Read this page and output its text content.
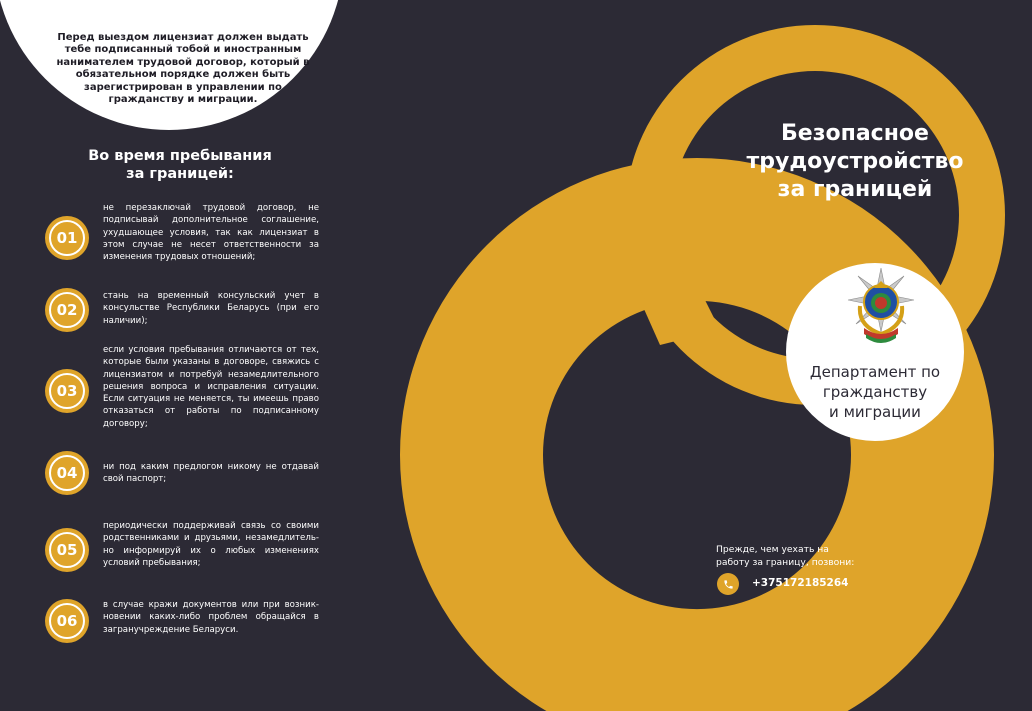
Перед выездом лицензиат должен выдать тебе подписанный тобой и иностранным нанимателем трудовой договор, который в обязательном порядке должен быть зарегистрирован в управлении по гражданству и миграции.
Во время пребывания
за границей:
01
не перезаключай трудовой договор, не подписывай дополнительное соглашение, ухудшающее условия, так как лицензиат в этом случае не несет ответственности за изменения трудовых отношений;
02
стань на временный консульский учет в консульстве Республики Беларусь (при его наличии);
03
если условия пребывания отличаются от тех, которые были указаны в договоре, свяжись с лицензиатом и потребуй незамедлительного решения вопроса и исправления ситуации. Если ситуация не меняется, ты имеешь право отказаться от работы по подписанному договору;
04	ни под каким предлогом никому не отдавай свой паспорт;
05
периодически поддерживай связь со своими родственниками и друзьями, незамедлительно информируй их о любых изменениях условий пребывания;
06
в случае кражи документов или при возникновении каких-либо проблем обращайся в загранучреждение Беларуси.
Безопасное
трудоустройство
за границей
Департамент по
гражданству
и миграции
Прежде, чем уехать на
работу за границу, позвони:
+375172185264
